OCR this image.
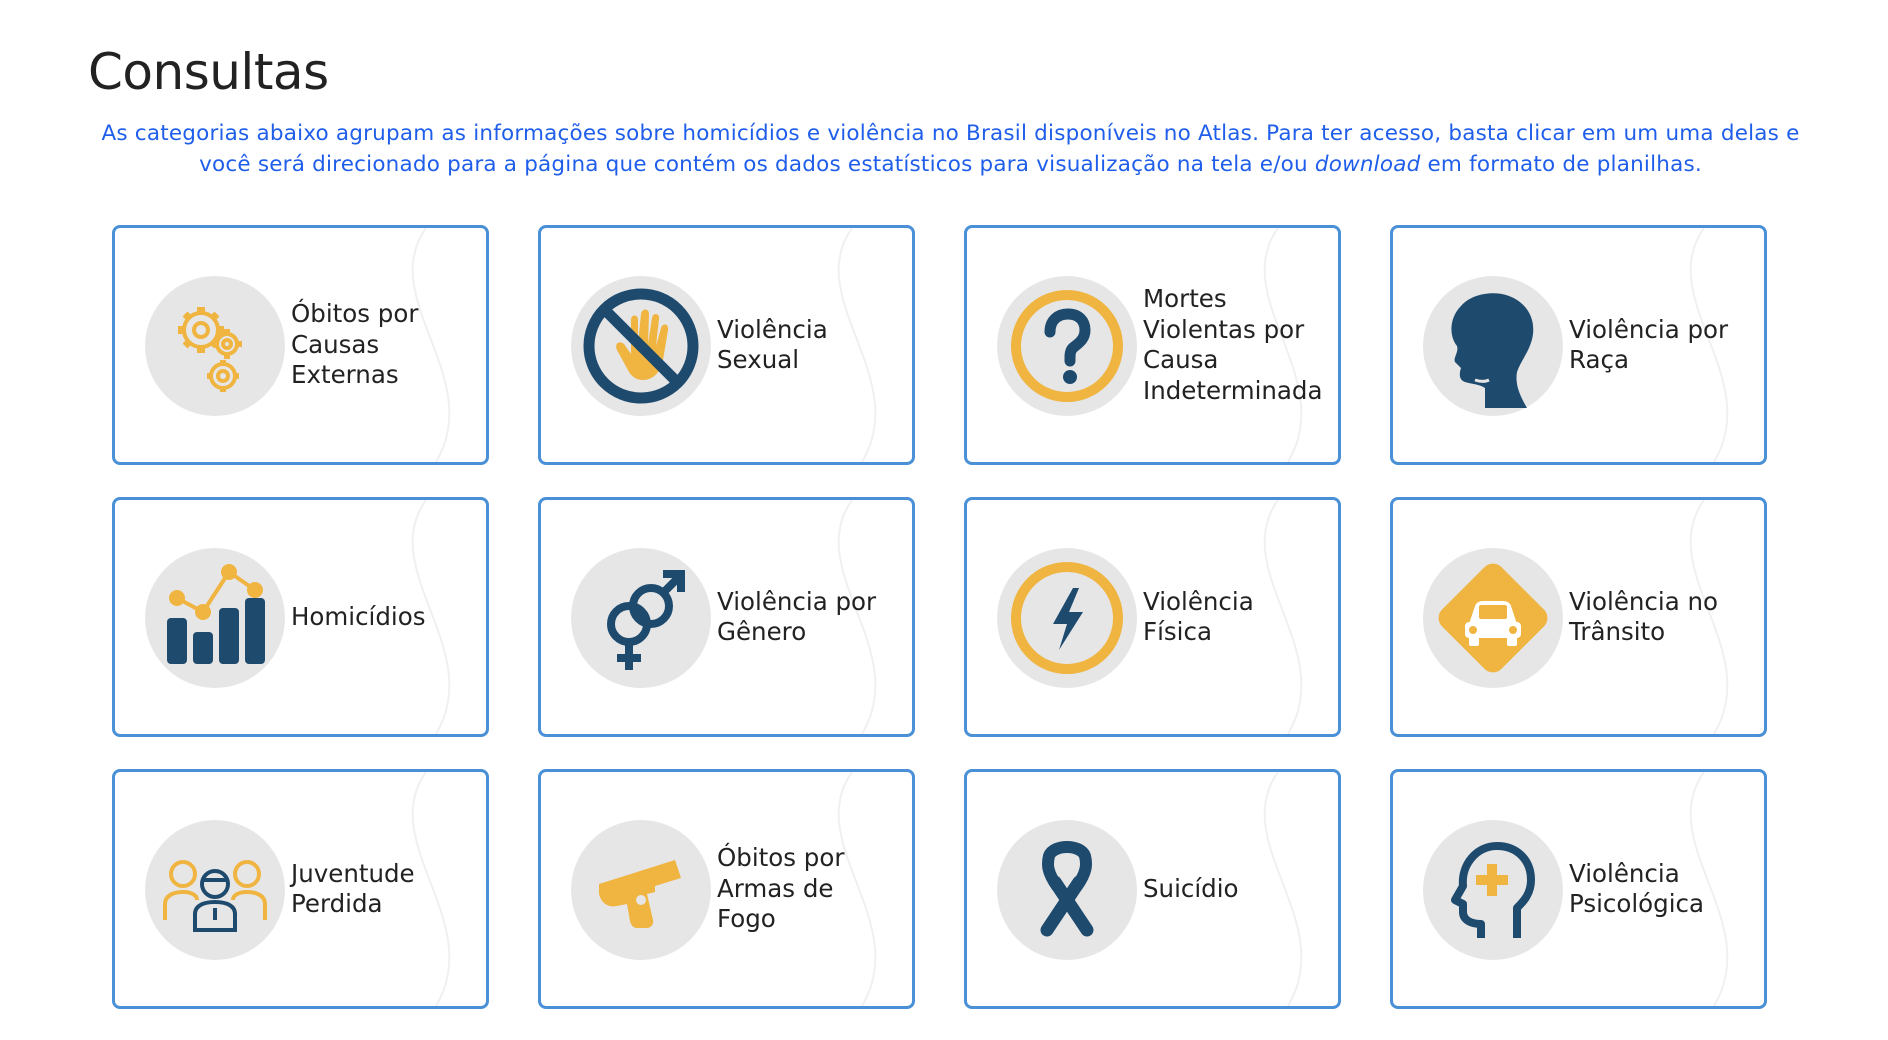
Consultas

As categorias abaixo agrupam as informações sobre homicídios e violência no Brasil disponíveis no Atlas. Para ter acesso, basta clicar em um uma delas e você será direcionado para a página que contém os dados estatísticos para visualização na tela e/ou download em formato de planilhas.

Óbitos por
Causas
Externas
Violência
Sexual
Mortes
Violentas por
Causa
Indeterminada
Violência por
Raça
Homicídios
Violência por
Gênero
Violência
Física
Violência no
Trânsito
Juventude
Perdida
Óbitos por
Armas de
Fogo
Suicídio
Violência
Psicológica
